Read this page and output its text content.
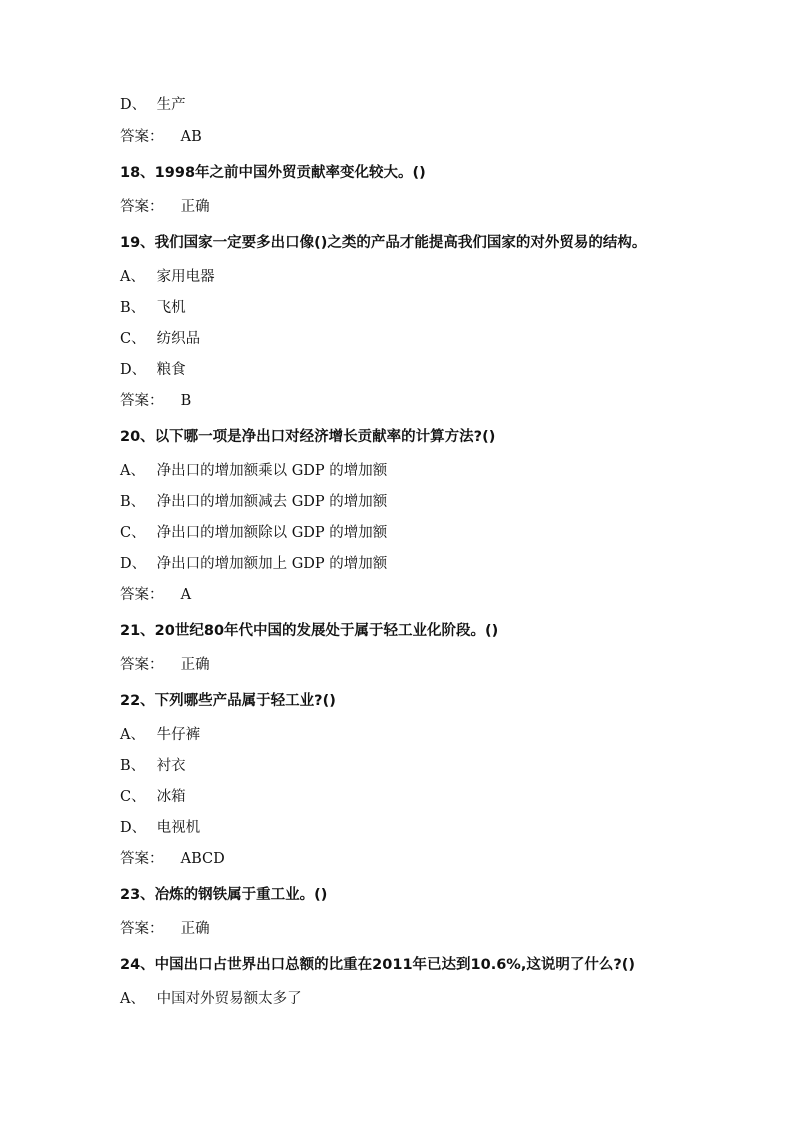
D、 生产
答案： AB
18、1998年之前中国外贸贡献率变化较大。()
答案： 正确
19、我们国家一定要多出口像()之类的产品才能提高我们国家的对外贸易的结构。
A、 家用电器
B、 飞机
C、 纺织品
D、 粮食
答案： B
20、以下哪一项是净出口对经济增长贡献率的计算方法?()
A、 净出口的增加额乘以 GDP 的增加额
B、 净出口的增加额减去 GDP 的增加额
C、 净出口的增加额除以 GDP 的增加额
D、 净出口的增加额加上 GDP 的增加额
答案： A
21、20世纪80年代中国的发展处于属于轻工业化阶段。()
答案： 正确
22、下列哪些产品属于轻工业?()
A、 牛仔裤
B、 衬衣
C、 冰箱
D、 电视机
答案： ABCD
23、冶炼的钢铁属于重工业。()
答案： 正确
24、中国出口占世界出口总额的比重在2011年已达到10.6%,这说明了什么?()
A、 中国对外贸易额太多了
